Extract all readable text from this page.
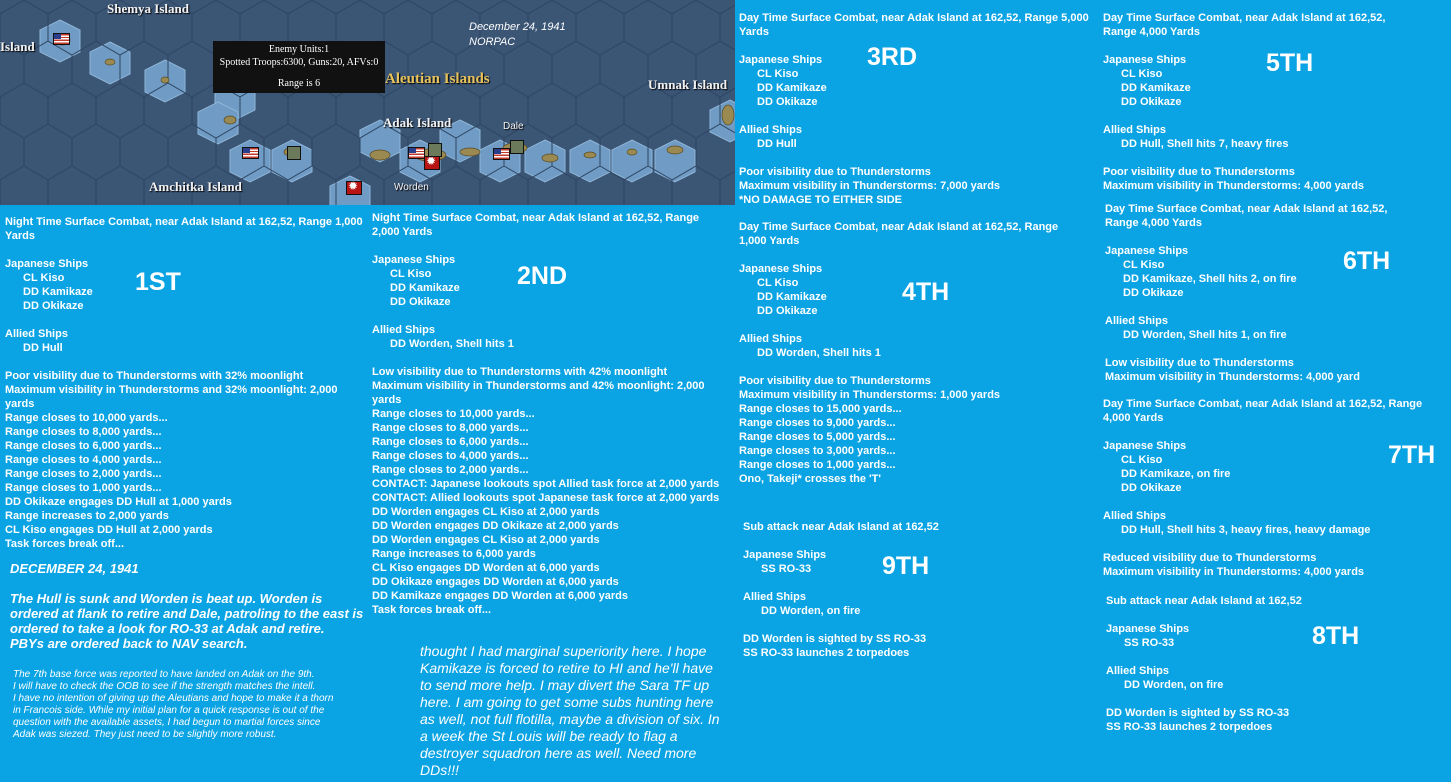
Shemya Island
Island
Aleutian Islands	Umnak Island
Adak Island	Dale
Amchitka Island	Worden
December 24, 1941
NORPAC
✹
✹
Enemy Units:1
Spotted Troops:6300, Guns:20, AFVs:0
Range is 6
Night Time Surface Combat, near Adak Island at 162,52, Range 1,000
Yards
Japanese Ships
CL Kiso
DD Kamikaze
DD Okikaze
Allied Ships
DD Hull
Poor visibility due to Thunderstorms with 32% moonlight
Maximum visibility in Thunderstorms and 32% moonlight: 2,000
yards
Range closes to 10,000 yards...
Range closes to 8,000 yards...
Range closes to 6,000 yards...
Range closes to 4,000 yards...
Range closes to 2,000 yards...
Range closes to 1,000 yards...
DD Okikaze engages DD Hull at 1,000 yards
Range increases to 2,000 yards
CL Kiso engages DD Hull at 2,000 yards
Task forces break off...
1ST
Night Time Surface Combat, near Adak Island at 162,52, Range
2,000 Yards
Japanese Ships
CL Kiso
DD Kamikaze
DD Okikaze
Allied Ships
DD Worden, Shell hits 1
Low visibility due to Thunderstorms with 42% moonlight
Maximum visibility in Thunderstorms and 42% moonlight: 2,000
yards
Range closes to 10,000 yards...
Range closes to 8,000 yards...
Range closes to 6,000 yards...
Range closes to 4,000 yards...
Range closes to 2,000 yards...
CONTACT: Japanese lookouts spot Allied task force at 2,000 yards
CONTACT: Allied lookouts spot Japanese task force at 2,000 yards
DD Worden engages CL Kiso at 2,000 yards
DD Worden engages DD Okikaze at 2,000 yards
DD Worden engages CL Kiso at 2,000 yards
Range increases to 6,000 yards
CL Kiso engages DD Worden at 6,000 yards
DD Okikaze engages DD Worden at 6,000 yards
DD Kamikaze engages DD Worden at 6,000 yards
Task forces break off...
2ND
Day Time Surface Combat, near Adak Island at 162,52, Range 5,000
Yards
Japanese Ships
CL Kiso
DD Kamikaze
DD Okikaze
Allied Ships
DD Hull
Poor visibility due to Thunderstorms
Maximum visibility in Thunderstorms: 7,000 yards
*NO DAMAGE TO EITHER SIDE
3RD
Day Time Surface Combat, near Adak Island at 162,52, Range
1,000 Yards
Japanese Ships
CL Kiso
DD Kamikaze
DD Okikaze
Allied Ships
DD Worden, Shell hits 1
Poor visibility due to Thunderstorms
Maximum visibility in Thunderstorms: 1,000 yards
Range closes to 15,000 yards...
Range closes to 9,000 yards...
Range closes to 5,000 yards...
Range closes to 3,000 yards...
Range closes to 1,000 yards...
Ono, Takeji* crosses the 'T'
4TH
Sub attack near Adak Island at 162,52
Japanese Ships
SS RO-33
Allied Ships
DD Worden, on fire
DD Worden is sighted by SS RO-33
SS RO-33 launches 2 torpedoes
9TH
Day Time Surface Combat, near Adak Island at 162,52,
Range 4,000 Yards
Japanese Ships
CL Kiso
DD Kamikaze
DD Okikaze
Allied Ships
DD Hull, Shell hits 7, heavy fires
Poor visibility due to Thunderstorms
Maximum visibility in Thunderstorms: 4,000 yards
5TH
Day Time Surface Combat, near Adak Island at 162,52,
Range 4,000 Yards
Japanese Ships
CL Kiso
DD Kamikaze, Shell hits 2, on fire
DD Okikaze
Allied Ships
DD Worden, Shell hits 1, on fire
Low visibility due to Thunderstorms
Maximum visibility in Thunderstorms: 4,000 yard
6TH
Day Time Surface Combat, near Adak Island at 162,52, Range
4,000 Yards
Japanese Ships
CL Kiso
DD Kamikaze, on fire
DD Okikaze
Allied Ships
DD Hull, Shell hits 3, heavy fires, heavy damage
Reduced visibility due to Thunderstorms
Maximum visibility in Thunderstorms: 4,000 yards
7TH
Sub attack near Adak Island at 162,52
Japanese Ships
SS RO-33
Allied Ships
DD Worden, on fire
DD Worden is sighted by SS RO-33
SS RO-33 launches 2 torpedoes
8TH
DECEMBER 24, 1941
The Hull is sunk and Worden is beat up. Worden is
ordered at flank to retire and Dale, patroling to the east is
ordered to take a look for RO-33 at Adak and retire.
PBYs are ordered back to NAV search.
The 7th base force was reported to have landed on Adak on the 9th.
I will have to check the OOB to see if the strength matches the intell.
I have no intention of giving up the Aleutians and hope to make it a thorn
in Francois side. While my initial plan for a quick response is out of the
question with the available assets, I had begun to martial forces since
Adak was siezed. They just need to be slightly more robust.
thought I had marginal superiority here. I hope
Kamikaze is forced to retire to HI and he'll have
to send more help. I may divert the Sara TF up
here. I am going to get some subs hunting here
as well, not full flotilla, maybe a division of six. In
a week the St Louis will be ready to flag a
destroyer squadron here as well. Need more
DDs!!!
